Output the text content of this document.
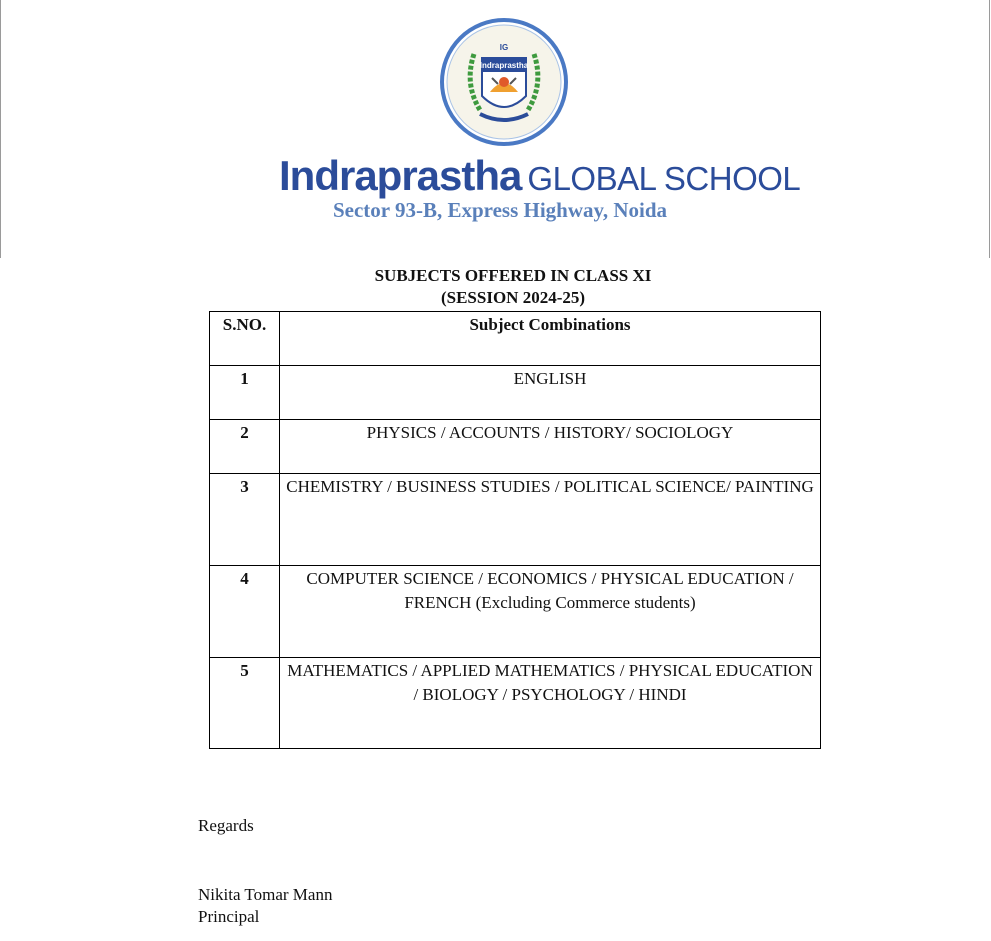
Indraprastha
IG
Indraprastha GLOBAL SCHOOL
Sector 93-B, Express Highway, Noida
SUBJECTS OFFERED IN CLASS XI
(SESSION 2024-25)
S.NO.	Subject Combinations
1	ENGLISH
2	PHYSICS / ACCOUNTS / HISTORY/ SOCIOLOGY
3	CHEMISTRY / BUSINESS STUDIES / POLITICAL SCIENCE/ PAINTING
4	COMPUTER SCIENCE / ECONOMICS / PHYSICAL EDUCATION / FRENCH (Excluding Commerce students)
5	MATHEMATICS / APPLIED MATHEMATICS / PHYSICAL EDUCATION / BIOLOGY / PSYCHOLOGY / HINDI
Regards
Nikita Tomar Mann
Principal
